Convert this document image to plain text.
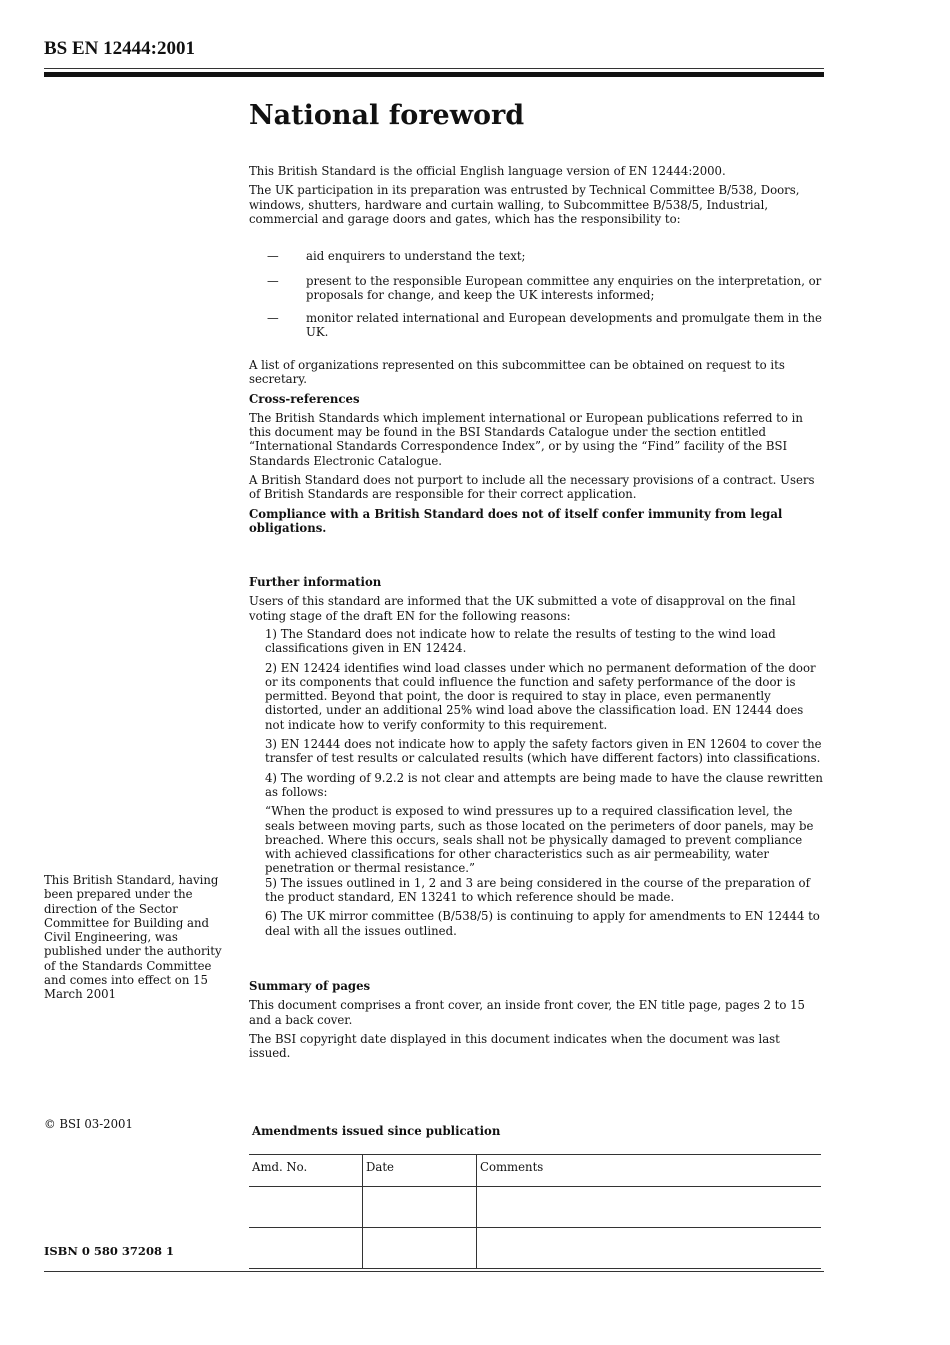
BS EN 12444:2001
National foreword

This British Standard is the official English language version of EN 12444:2000.

The UK participation in its preparation was entrusted by Technical Committee B/538, Doors, windows, shutters, hardware and curtain walling, to Subcommittee B/538/5, Industrial, commercial and garage doors and gates, which has the responsibility to:

— aid enquirers to understand the text;
— present to the responsible European committee any enquiries on the interpretation, or proposals for change, and keep the UK interests informed;
— monitor related international and European developments and promulgate them in the UK.

A list of organizations represented on this subcommittee can be obtained on request to its secretary.

Cross-references

The British Standards which implement international or European publications referred to in this document may be found in the BSI Standards Catalogue under the section entitled “International Standards Correspondence Index”, or by using the “Find” facility of the BSI Standards Electronic Catalogue.

A British Standard does not purport to include all the necessary provisions of a contract. Users of British Standards are responsible for their correct application.

Compliance with a British Standard does not of itself confer immunity from legal obligations.

Further information

Users of this standard are informed that the UK submitted a vote of disapproval on the final voting stage of the draft EN for the following reasons:

1) The Standard does not indicate how to relate the results of testing to the wind load classifications given in EN 12424.

2) EN 12424 identifies wind load classes under which no permanent deformation of the door or its components that could influence the function and safety performance of the door is permitted. Beyond that point, the door is required to stay in place, even permanently distorted, under an additional 25% wind load above the classification load. EN 12444 does not indicate how to verify conformity to this requirement.

3) EN 12444 does not indicate how to apply the safety factors given in EN 12604 to cover the transfer of test results or calculated results (which have different factors) into classifications.

4) The wording of 9.2.2 is not clear and attempts are being made to have the clause rewritten as follows:

“When the product is exposed to wind pressures up to a required classification level, the seals between moving parts, such as those located on the perimeters of door panels, may be breached. Where this occurs, seals shall not be physically damaged to prevent compliance with achieved classifications for other characteristics such as air permeability, water penetration or thermal resistance.”

5) The issues outlined in 1, 2 and 3 are being considered in the course of the preparation of the product standard, EN 13241 to which reference should be made.

6) The UK mirror committee (B/538/5) is continuing to apply for amendments to EN 12444 to deal with all the issues outlined.

Summary of pages

This document comprises a front cover, an inside front cover, the EN title page, pages 2 to 15 and a back cover.

The BSI copyright date displayed in this document indicates when the document was last issued.

This British Standard, having been prepared under the direction of the Sector Committee for Building and Civil Engineering, was published under the authority of the Standards Committee and comes into effect on 15 March 2001
© BSI 03-2001
ISBN 0 580 37208 1
Amendments issued since publication
Amd. No.	Date	Comments
